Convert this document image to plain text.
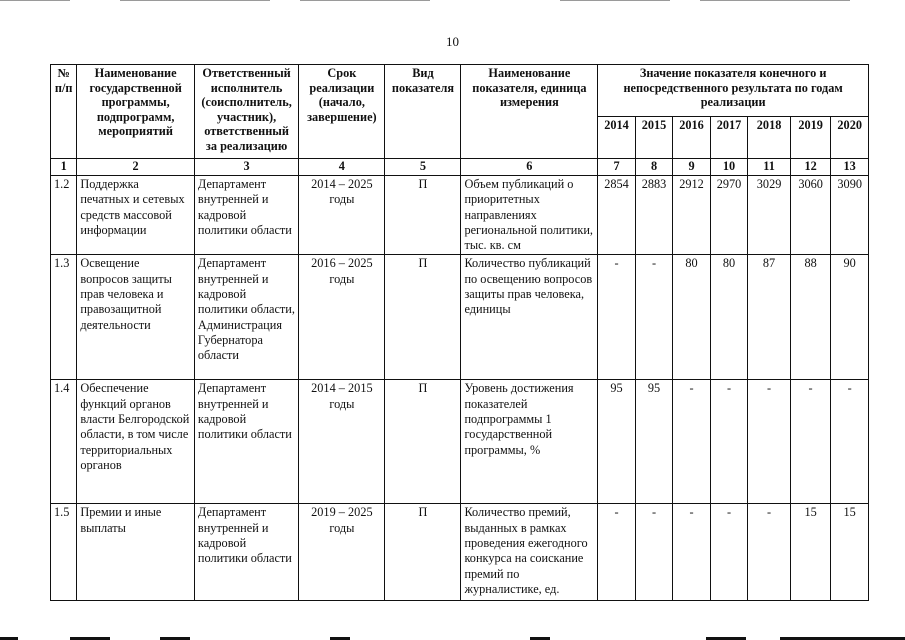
10
№ п/п	Наименование государственной программы, подпрограмм, мероприятий	Ответственный исполнитель (соисполнитель, участник), ответственный за реализацию	Срок реализации (начало, завершение)	Вид показателя	Наименование показателя, единица измерения	Значение показателя конечного и непосредственного результата по годам реализации						
						2014	2015	2016	2017	2018	2019	2020
1	2	3	4	5	6	7	8	9	10	11	12	13
1.2	Поддержка печатных и сетевых средств массовой информации	Департамент внутренней и кадровой политики области	2014 – 2025 годы	П	Объем публикаций о приоритетных направлениях региональной политики, тыс. кв. см	2854	2883	2912	2970	3029	3060	3090
1.3	Освещение вопросов защиты прав человека и правозащитной деятельности	Департамент внутренней и кадровой политики области, Администрация Губернатора области	2016 – 2025 годы	П	Количество публикаций по освещению вопросов защиты прав человека, единицы	-	-	80	80	87	88	90
1.4	Обеспечение функций органов власти Белгородской области, в том числе территориальных органов	Департамент внутренней и кадровой политики области	2014 – 2015 годы	П	Уровень достижения показателей подпрограммы 1 государственной программы, %	95	95	-	-	-	-	-
1.5	Премии и иные выплаты	Департамент внутренней и кадровой политики области	2019 – 2025 годы	П	Количество премий, выданных в рамках проведения ежегодного конкурса на соискание премий по журналистике, ед.	-	-	-	-	-	15	15
